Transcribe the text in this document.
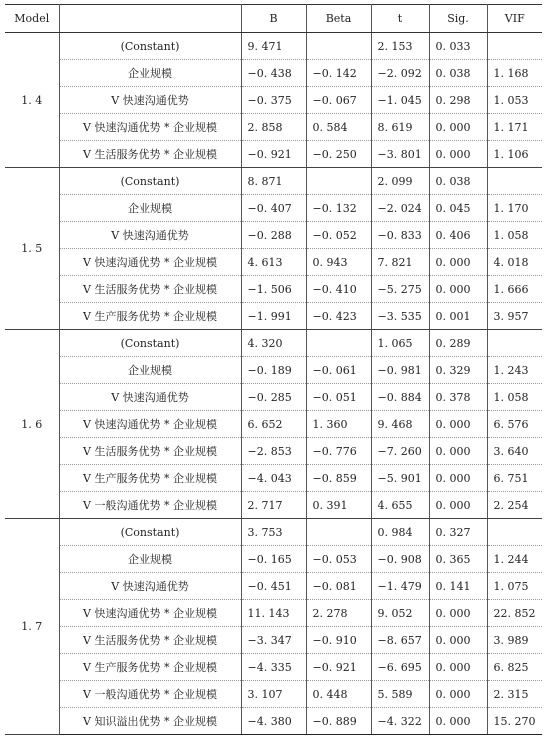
Model		B	Beta	t	Sig.	VIF
1. 4	(Constant)	9. 471		2. 153	0. 033	
	企业规模	−0. 438	−0. 142	−2. 092	0. 038	1. 168
	V 快速沟通优势	−0. 375	−0. 067	−1. 045	0. 298	1. 053
	V 快速沟通优势 * 企业规模	2. 858	0. 584	8. 619	0. 000	1. 171
	V 生活服务优势 * 企业规模	−0. 921	−0. 250	−3. 801	0. 000	1. 106
1. 5	(Constant)	8. 871		2. 099	0. 038	
	企业规模	−0. 407	−0. 132	−2. 024	0. 045	1. 170
	V 快速沟通优势	−0. 288	−0. 052	−0. 833	0. 406	1. 058
	V 快速沟通优势 * 企业规模	4. 613	0. 943	7. 821	0. 000	4. 018
	V 生活服务优势 * 企业规模	−1. 506	−0. 410	−5. 275	0. 000	1. 666
	V 生产服务优势 * 企业规模	−1. 991	−0. 423	−3. 535	0. 001	3. 957
1. 6	(Constant)	4. 320		1. 065	0. 289	
	企业规模	−0. 189	−0. 061	−0. 981	0. 329	1. 243
	V 快速沟通优势	−0. 285	−0. 051	−0. 884	0. 378	1. 058
	V 快速沟通优势 * 企业规模	6. 652	1. 360	9. 468	0. 000	6. 576
	V 生活服务优势 * 企业规模	−2. 853	−0. 776	−7. 260	0. 000	3. 640
	V 生产服务优势 * 企业规模	−4. 043	−0. 859	−5. 901	0. 000	6. 751
	V 一般沟通优势 * 企业规模	2. 717	0. 391	4. 655	0. 000	2. 254
1. 7	(Constant)	3. 753		0. 984	0. 327	
	企业规模	−0. 165	−0. 053	−0. 908	0. 365	1. 244
	V 快速沟通优势	−0. 451	−0. 081	−1. 479	0. 141	1. 075
	V 快速沟通优势 * 企业规模	11. 143	2. 278	9. 052	0. 000	22. 852
	V 生活服务优势 * 企业规模	−3. 347	−0. 910	−8. 657	0. 000	3. 989
	V 生产服务优势 * 企业规模	−4. 335	−0. 921	−6. 695	0. 000	6. 825
	V 一般沟通优势 * 企业规模	3. 107	0. 448	5. 589	0. 000	2. 315
	V 知识溢出优势 * 企业规模	−4. 380	−0. 889	−4. 322	0. 000	15. 270
